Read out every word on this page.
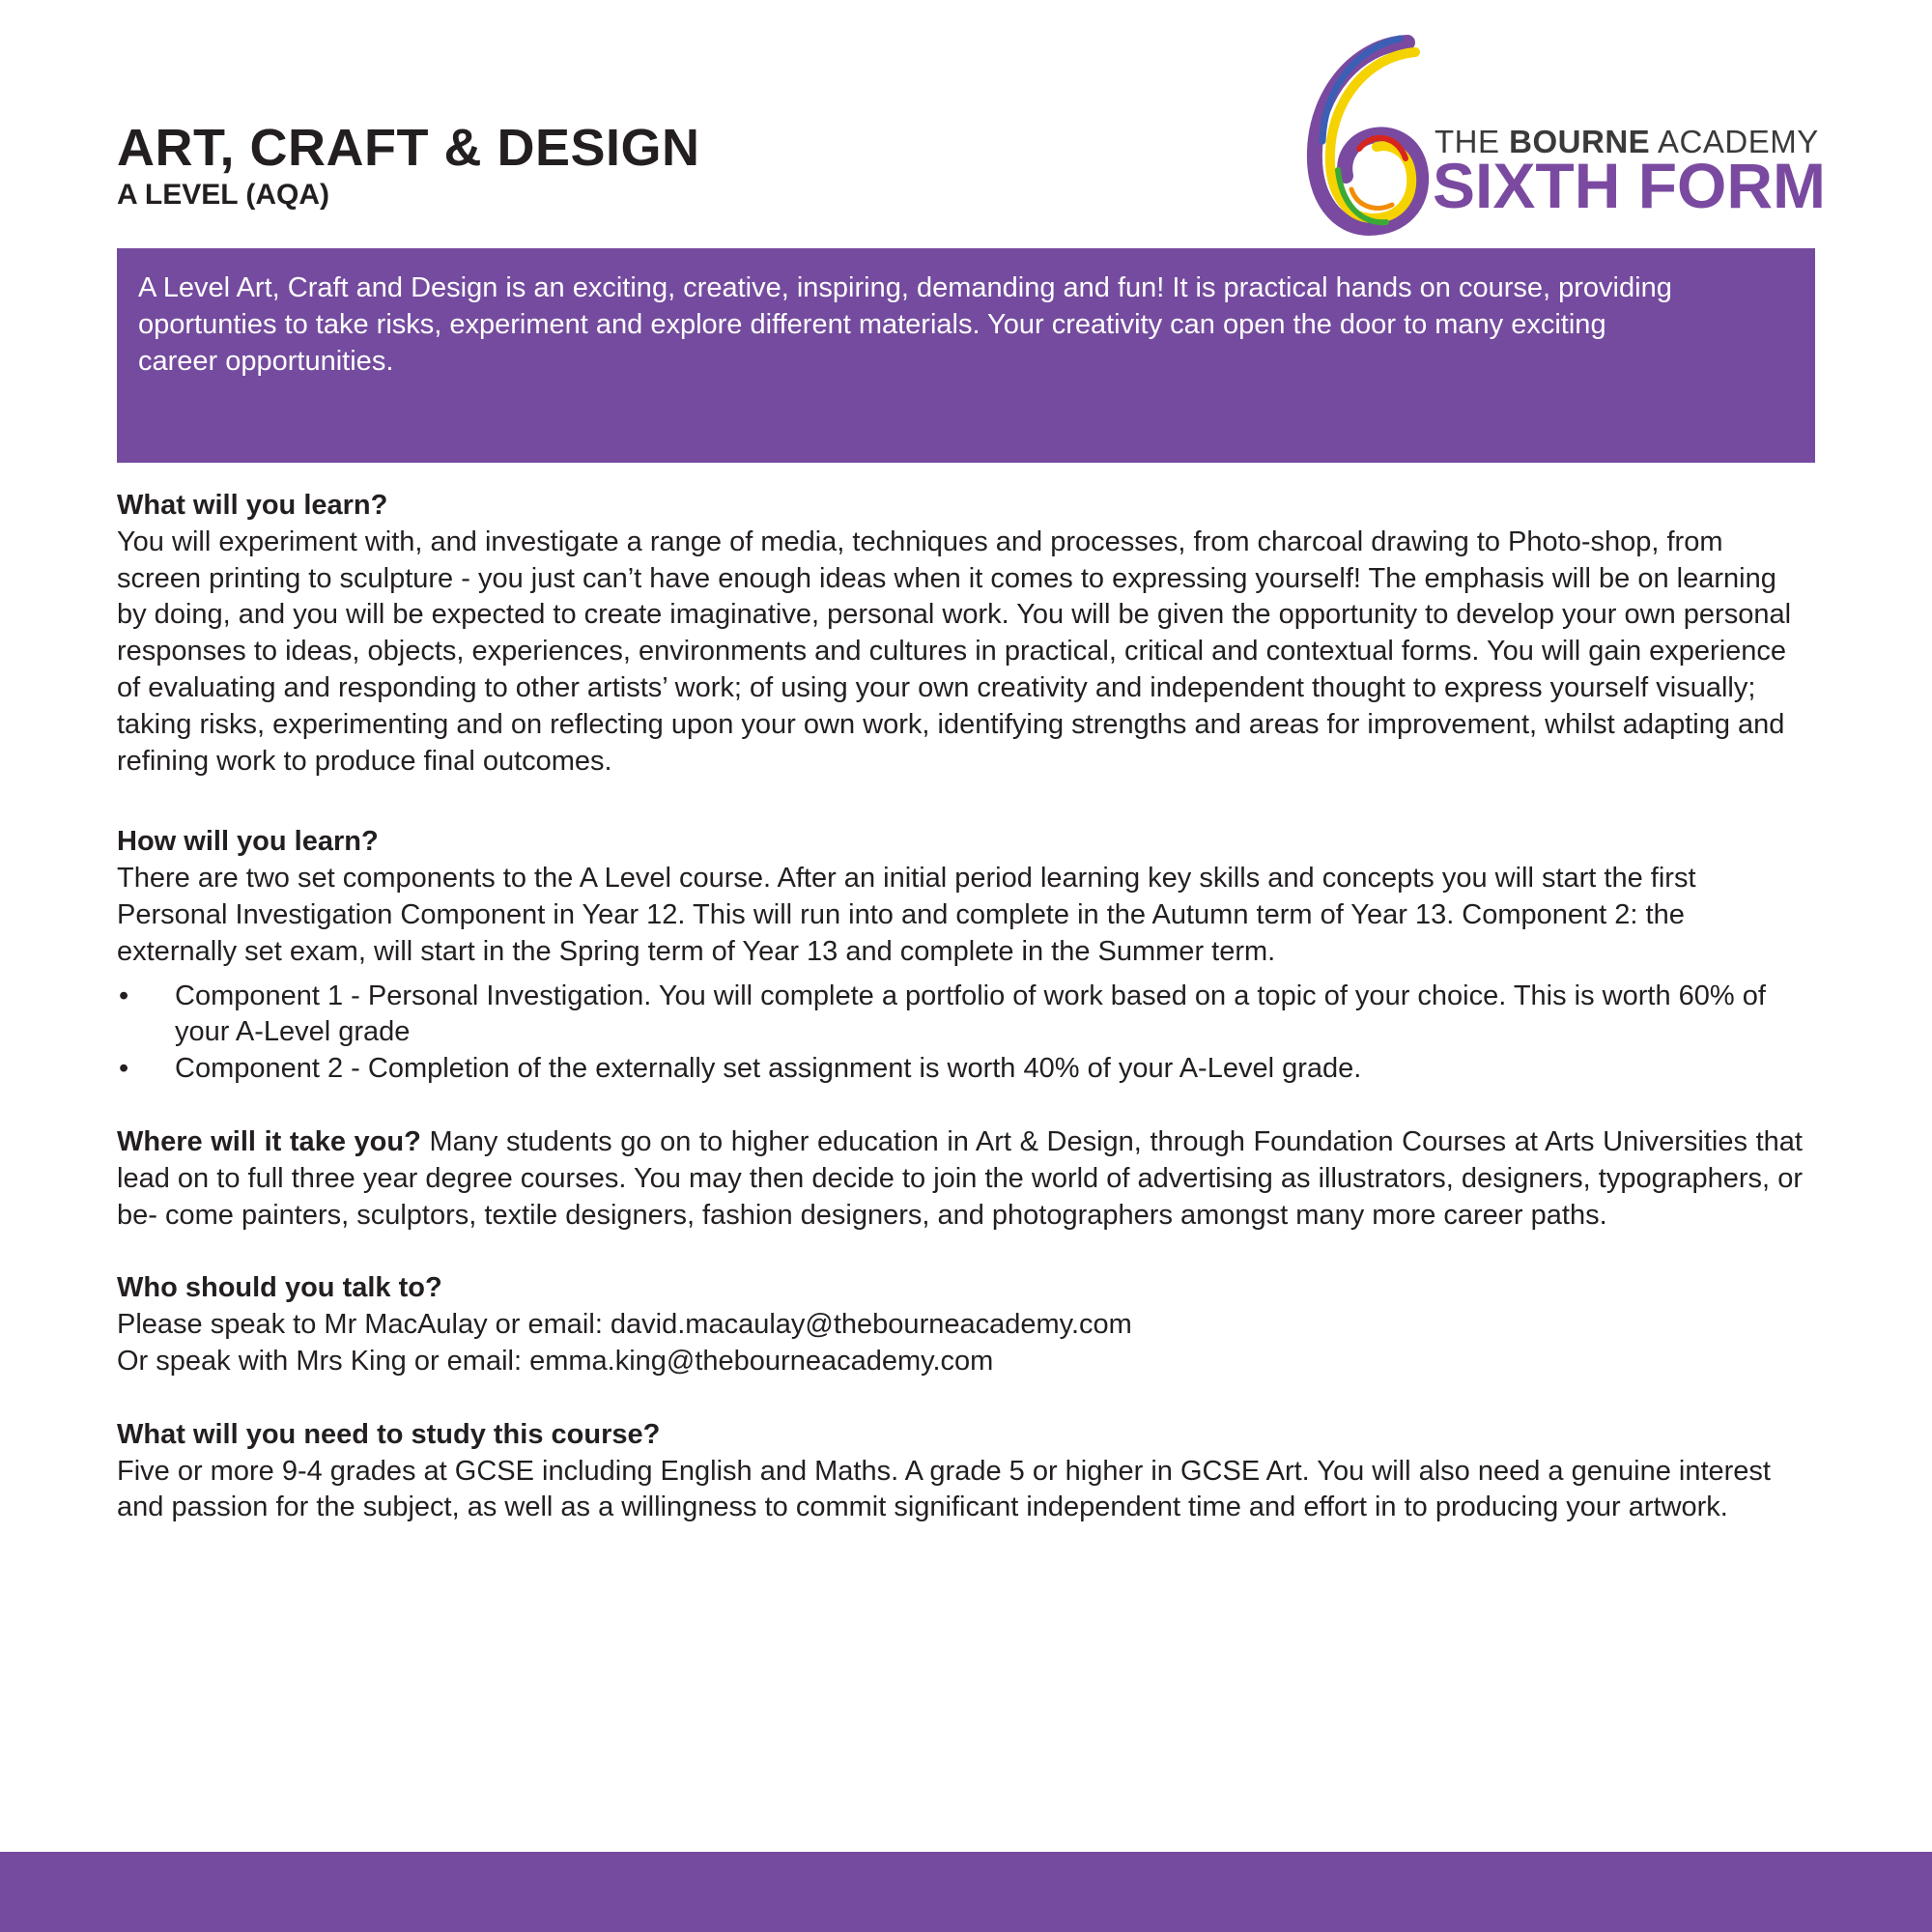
ART, CRAFT & DESIGN
A LEVEL (AQA)
THE BOURNE ACADEMY
SIXTH FORM

A Level Art, Craft and Design is an exciting, creative, inspiring, demanding and fun! It is practical hands on course, providing oportunties to take risks, experiment and explore different materials. Your creativity can open the door to many exciting career opportunities.

What will you learn?

You will experiment with, and investigate a range of media, techniques and processes, from charcoal drawing to Photo-shop, from screen printing to sculpture - you just can’t have enough ideas when it comes to expressing yourself! The emphasis will be on learning by doing, and you will be expected to create imaginative, personal work. You will be given the opportunity to develop your own personal responses to ideas, objects, experiences, environments and cultures in practical, critical and contextual forms. You will gain experience of evaluating and responding to other artists’ work; of using your own creativity and independent thought to express yourself visually; taking risks, experimenting and on reflecting upon your own work, identifying strengths and areas for improvement, whilst adapting and refining work to produce final outcomes.

How will you learn?

There are two set components to the A Level course. After an initial period learning key skills and concepts you will start the first Personal Investigation Component in Year 12. This will run into and complete in the Autumn term of Year 13. Component 2: the externally set exam, will start in the Spring term of Year 13 and complete in the Summer term.

• Component 1 - Personal Investigation. You will complete a portfolio of work based on a topic of your choice. This is worth 60% of your A-Level grade
• Component 2 - Completion of the externally set assignment is worth 40% of your A-Level grade.

Where will it take you? Many students go on to higher education in Art & Design, through Foundation Courses at Arts Universities that lead on to full three year degree courses. You may then decide to join the world of advertising as illustrators, designers, typographers, or be- come painters, sculptors, textile designers, fashion designers, and photographers amongst many more career paths.

Who should you talk to?

Please speak to Mr MacAulay or email: david.macaulay@thebourneacademy.com

Or speak with Mrs King or email: emma.king@thebourneacademy.com

What will you need to study this course?

Five or more 9-4 grades at GCSE including English and Maths. A grade 5 or higher in GCSE Art. You will also need a genuine interest and passion for the subject, as well as a willingness to commit significant independent time and effort in to producing your artwork.
